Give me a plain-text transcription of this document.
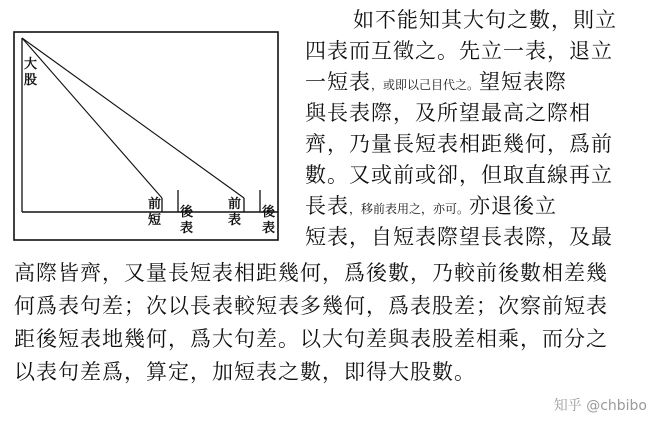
大
股
前
短
後
表
前
表
後
表
如不能知其大句之數，則立
四表而互徵之。先立一表，退立
一短表，或即以己目代之。望短表際
與長表際，及所望最高之際相
齊，乃量長短表相距幾何，爲前
數。又或前或卻，但取直線再立
長表，移前表用之，亦可。亦退後立
短表，自短表際望長表際，及最
高際皆齊，又量長短表相距幾何，爲後數，乃較前後數相差幾
何爲表句差；次以長表較短表多幾何，爲表股差；次察前短表
距後短表地幾何，爲大句差。以大句差與表股差相乘，而分之
以表句差爲，算定，加短表之數，即得大股數。
知乎 @chbibo
